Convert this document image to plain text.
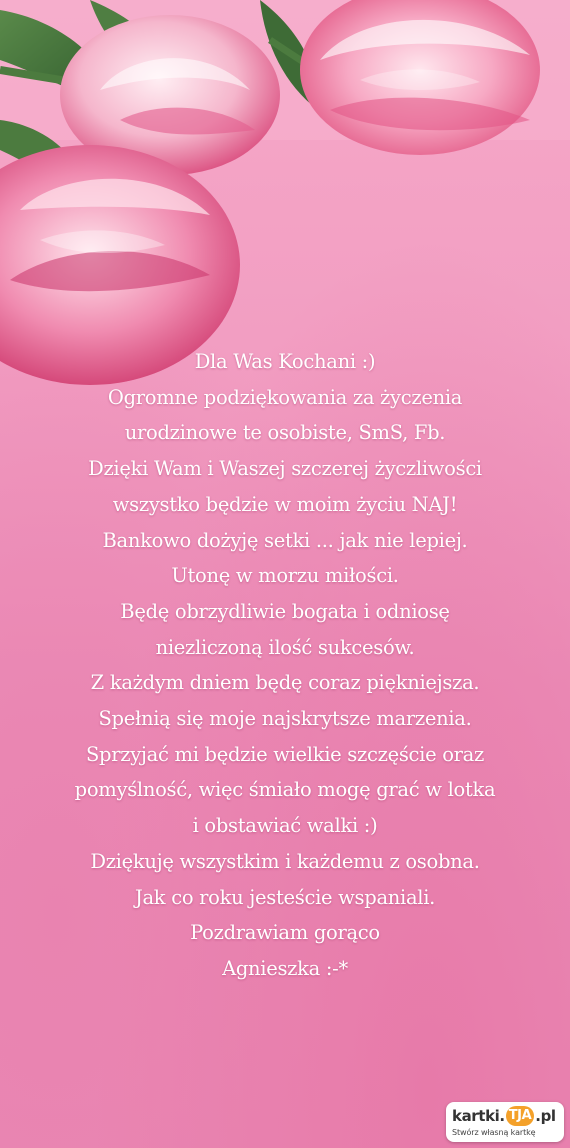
Dla Was Kochani :)
Ogromne podziękowania za życzenia
urodzinowe te osobiste, SmS, Fb.
Dzięki Wam i Waszej szczerej życzliwości
wszystko będzie w moim życiu NAJ!
Bankowo dożyję setki ... jak nie lepiej.
Utonę w morzu miłości.
Będę obrzydliwie bogata i odniosę
niezliczoną ilość sukcesów.
Z każdym dniem będę coraz piękniejsza.
Spełnią się moje najskrytsze marzenia.
Sprzyjać mi będzie wielkie szczęście oraz
pomyślność, więc śmiało mogę grać w lotka
i obstawiać walki :)
Dziękuję wszystkim i każdemu z osobna.
Jak co roku jesteście wspaniali.
Pozdrawiam gorąco
Agnieszka :-*
kartki. TJA .pl
Stwórz własną kartkę
